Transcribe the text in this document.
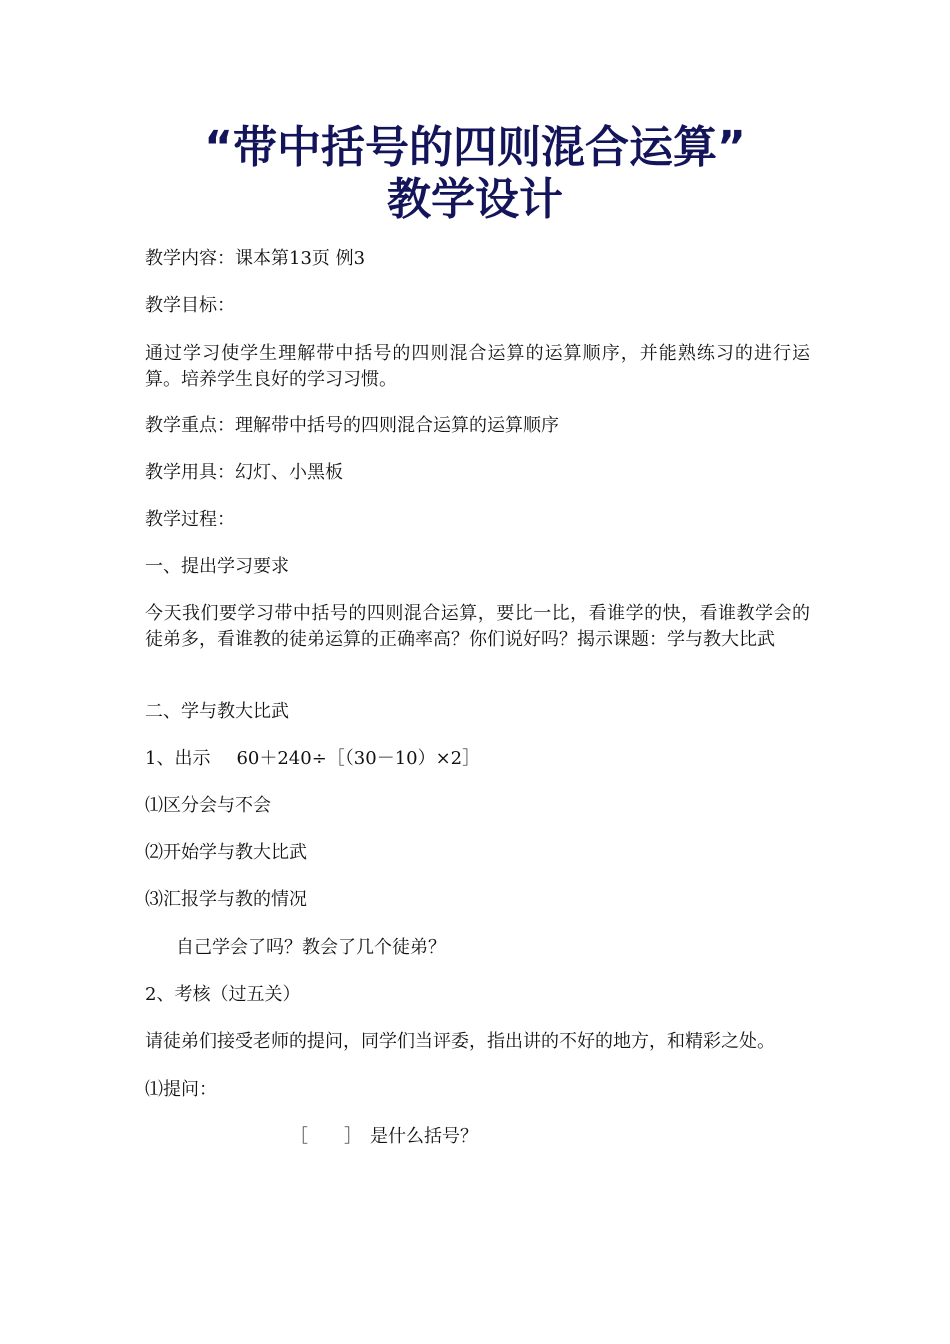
“带中括号的四则混合运算”
教学设计
教学内容：课本第13页 例3
教学目标：
通过学习使学生理解带中括号的四则混合运算的运算顺序，并能熟练习的进行运算。培养学生良好的学习习惯。
教学重点：理解带中括号的四则混合运算的运算顺序
教学用具：幻灯、小黑板
教学过程：
一、提出学习要求
今天我们要学习带中括号的四则混合运算，要比一比，看谁学的快，看谁教学会的徒弟多，看谁教的徒弟运算的正确率高？你们说好吗？揭示课题：学与教大比武
二、学与教大比武
1、出示 60＋240÷［（30－10）×2］
⑴区分会与不会
⑵开始学与教大比武
⑶汇报学与教的情况
自己学会了吗？教会了几个徒弟？
2、考核（过五关）
请徒弟们接受老师的提问，同学们当评委，指出讲的不好的地方，和精彩之处。
⑴提问：
［　　］ 是什么括号？
